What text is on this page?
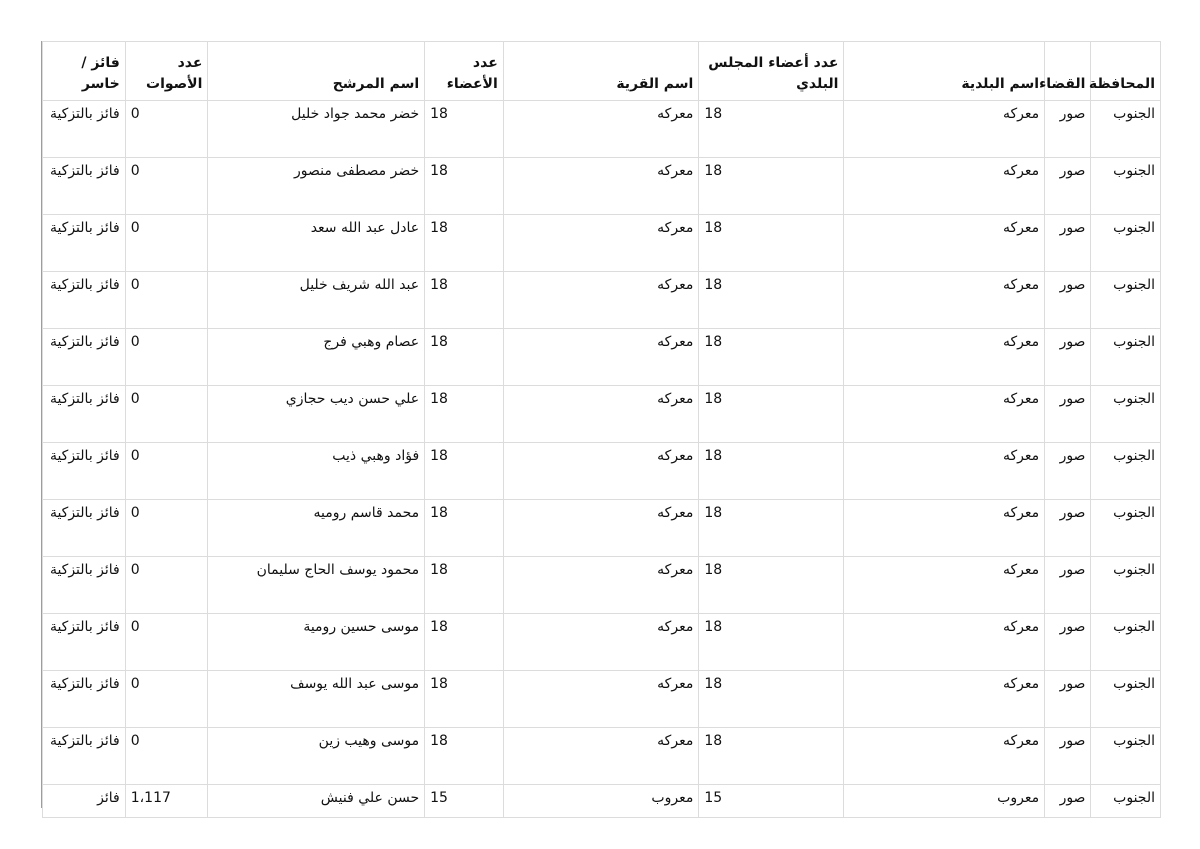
المحافظة	القضاء	اسم البلدية	عدد أعضاء المجلس البلدي	اسم القرية	عدد الأعضاء	اسم المرشح	عدد الأصوات	فائز / خاسر
الجنوب	صور	معركه	18	معركه	18	خضر محمد جواد خليل	0	فائز بالتزكية
الجنوب	صور	معركه	18	معركه	18	خضر مصطفى منصور	0	فائز بالتزكية
الجنوب	صور	معركه	18	معركه	18	عادل عبد الله سعد	0	فائز بالتزكية
الجنوب	صور	معركه	18	معركه	18	عبد الله شريف خليل	0	فائز بالتزكية
الجنوب	صور	معركه	18	معركه	18	عصام وهبي فرج	0	فائز بالتزكية
الجنوب	صور	معركه	18	معركه	18	علي حسن ديب حجازي	0	فائز بالتزكية
الجنوب	صور	معركه	18	معركه	18	فؤاد وهبي ذيب	0	فائز بالتزكية
الجنوب	صور	معركه	18	معركه	18	محمد قاسم روميه	0	فائز بالتزكية
الجنوب	صور	معركه	18	معركه	18	محمود يوسف الحاج سليمان	0	فائز بالتزكية
الجنوب	صور	معركه	18	معركه	18	موسى حسين رومية	0	فائز بالتزكية
الجنوب	صور	معركه	18	معركه	18	موسى عبد الله يوسف	0	فائز بالتزكية
الجنوب	صور	معركه	18	معركه	18	موسى وهيب زين	0	فائز بالتزكية
الجنوب	صور	معروب	15	معروب	15	حسن علي فنيش	1،117	فائز
